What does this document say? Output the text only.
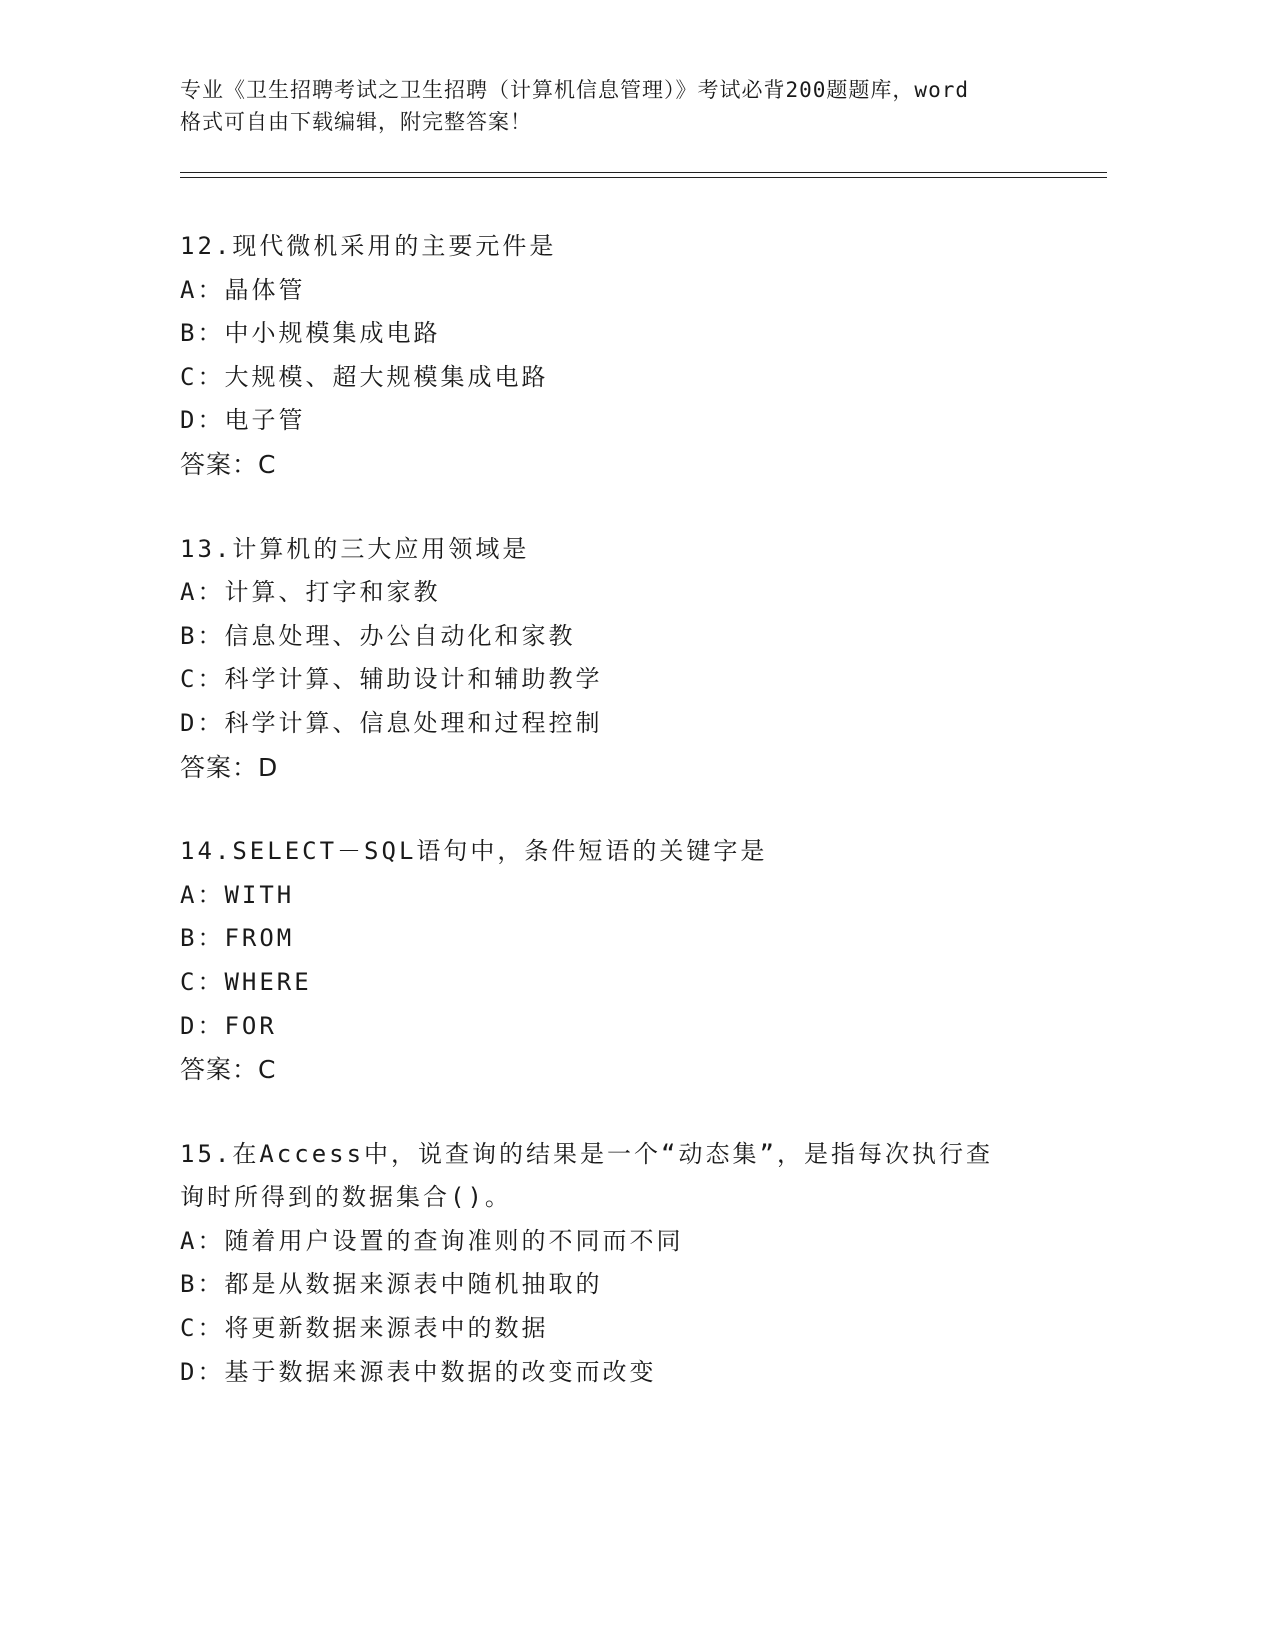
专业《卫生招聘考试之卫生招聘（计算机信息管理）》考试必背200题题库，word
格式可自由下载编辑，附完整答案！
12.现代微机采用的主要元件是
A：晶体管
B：中小规模集成电路
C：大规模、超大规模集成电路
D：电子管
答案：C
13.计算机的三大应用领域是
A：计算、打字和家教
B：信息处理、办公自动化和家教
C：科学计算、辅助设计和辅助教学
D：科学计算、信息处理和过程控制
答案：D
14.SELECT－SQL语句中，条件短语的关键字是
A：WITH
B：FROM
C：WHERE
D：FOR
答案：C
15.在Access中，说查询的结果是一个“动态集”，是指每次执行查
询时所得到的数据集合()。
A：随着用户设置的查询准则的不同而不同
B：都是从数据来源表中随机抽取的
C：将更新数据来源表中的数据
D：基于数据来源表中数据的改变而改变
